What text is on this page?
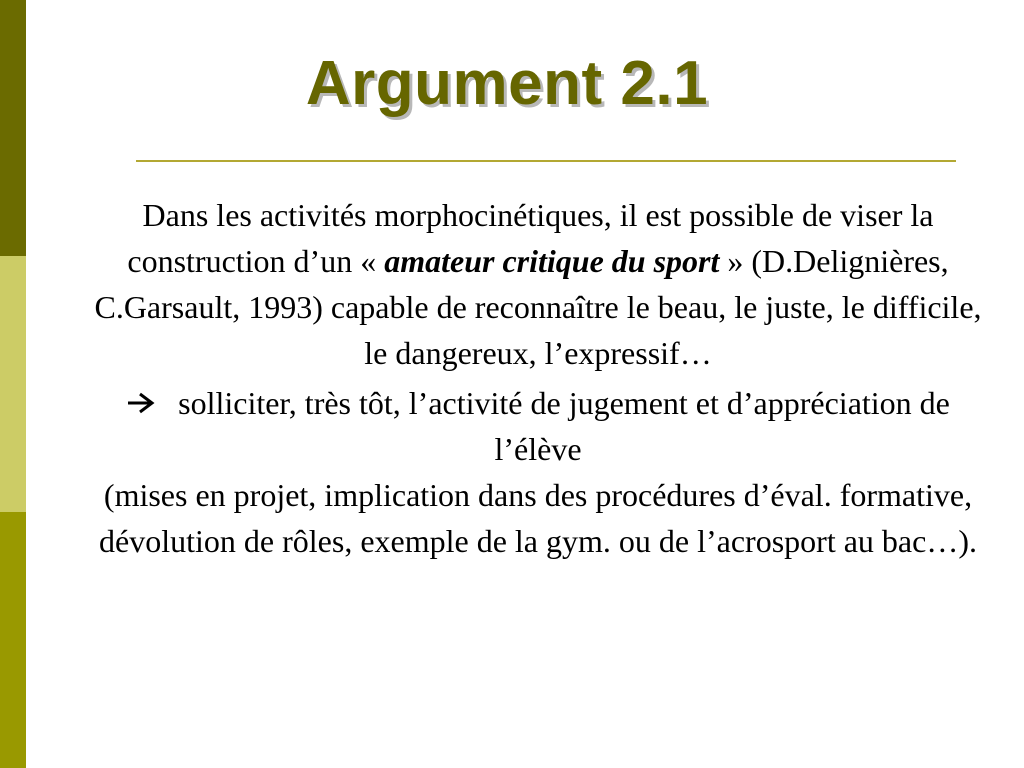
Argument 2.1

Dans les activités morphocinétiques, il est possible de viser la construction d’un « amateur critique du sport » (D.Delignières, C.Garsault, 1993) capable de reconnaître le beau, le juste, le difficile, le dangereux, l’expressif…

solliciter, très tôt, l’activité de jugement et d’appréciation de l’élève
(mises en projet, implication dans des procédures d’éval. formative, dévolution de rôles, exemple de la gym. ou de l’acrosport au bac…).
